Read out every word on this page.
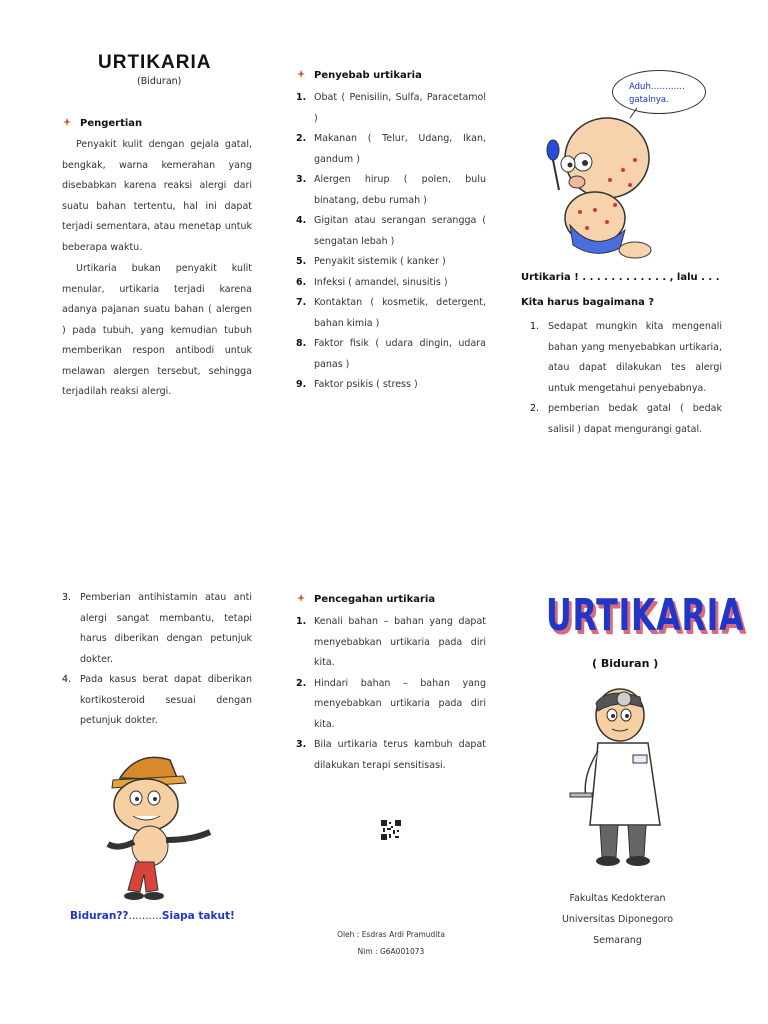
URTIKARIA
(Biduran)
Pengertian
Penyakit kulit dengan gejala gatal, bengkak, warna kemerahan yang disebabkan karena reaksi alergi dari suatu bahan tertentu, hal ini dapat terjadi sementara, atau menetap untuk beberapa waktu.
Urtikaria bukan penyakit kulit menular, urtikaria terjadi karena adanya pajanan suatu bahan ( alergen ) pada tubuh, yang kemudian tubuh memberikan respon antibodi untuk melawan alergen tersebut, sehingga terjadilah reaksi alergi.
Penyebab urtikaria
1. Obat ( Penisilin, Sulfa, Paracetamol )
2. Makanan ( Telur, Udang, Ikan, gandum )
3. Alergen hirup ( polen, bulu binatang, debu rumah )
4. Gigitan atau serangan serangga ( sengatan lebah )
5. Penyakit sistemik ( kanker )
6. Infeksi ( amandel, sinusitis )
7. Kontaktan ( kosmetik, detergent, bahan kimia )
8. Faktor fisik ( udara dingin, udara panas )
9. Faktor psikis ( stress )
Aduh…………
gatalnya.
Urtikaria ! . . . . . . . . . . . . , lalu . . .
Kita harus bagaimana ?
1. Sedapat mungkin kita mengenali bahan yang menyebabkan urtikaria, atau dapat dilakukan tes alergi untuk mengetahui penyebabnya.
2. pemberian bedak gatal ( bedak salisil ) dapat mengurangi gatal.
3. Pemberian antihistamin atau anti alergi sangat membantu, tetapi harus diberikan dengan petunjuk dokter.
4. Pada kasus berat dapat diberikan kortikosteroid sesuai dengan petunjuk dokter.
Biduran??..........Siapa takut!
Pencegahan urtikaria
1. Kenali bahan – bahan yang dapat menyebabkan urtikaria pada diri kita.
2. Hindari bahan – bahan yang menyebabkan urtikaria pada diri kita.
3. Bila urtikaria terus kambuh dapat dilakukan terapi sensitisasi.
Oleh : Esdras Ardi Pramudita
Nim : G6A001073
URTIKARIA
( Biduran )
Fakultas Kedokteran
Universitas Diponegoro
Semarang
